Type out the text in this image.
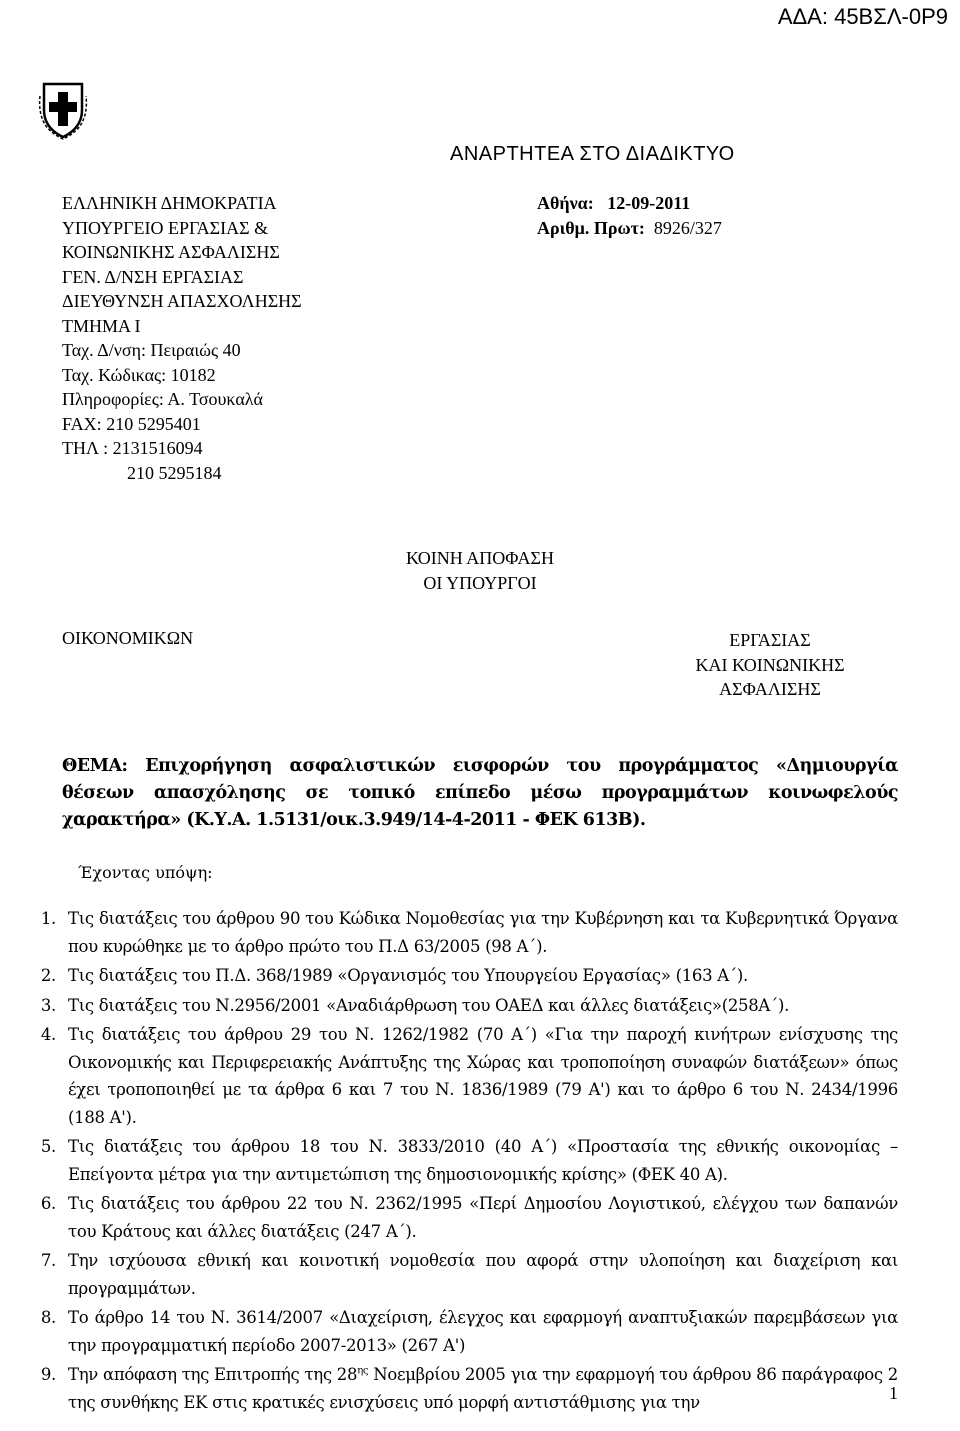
ΑΔΑ: 45ΒΣΛ-0Ρ9
ΑΝΑΡΤΗΤΕΑ ΣΤΟ ΔΙΑΔΙΚΤΥΟ
ΕΛΛΗΝΙΚΗ ΔΗΜΟΚΡΑΤΙΑ
ΥΠΟΥΡΓΕΙΟ ΕΡΓΑΣΙΑΣ &
ΚΟΙΝΩΝΙΚΗΣ ΑΣΦΑΛΙΣΗΣ
ΓΕΝ. Δ/ΝΣΗ ΕΡΓΑΣΙΑΣ
ΔΙΕΥΘΥΝΣΗ ΑΠΑΣΧΟΛΗΣΗΣ
ΤΜΗΜΑ Ι
Ταχ. Δ/νση: Πειραιώς 40
Ταχ. Κώδικας: 10182
Πληροφορίες: Α. Τσουκαλά
FAX: 210 5295401
ΤΗΛ : 2131516094
210 5295184
Αθήνα: 12-09-2011
Αριθμ. Πρωτ: 8926/327
ΚΟΙΝΗ ΑΠΟΦΑΣΗ
ΟΙ ΥΠΟΥΡΓΟΙ
ΟΙΚΟΝΟΜΙΚΩΝ	ΕΡΓΑΣΙΑΣ
ΚΑΙ ΚΟΙΝΩΝΙΚΗΣ
ΑΣΦΑΛΙΣΗΣ
ΘΕΜΑ: Επιχορήγηση ασφαλιστικών εισφορών του προγράμματος «Δημιουργία θέσεων απασχόλησης σε τοπικό επίπεδο μέσω προγραμμάτων κοινωφελούς χαρακτήρα» (Κ.Υ.Α. 1.5131/οικ.3.949/14-4-2011 - ΦΕΚ 613Β).
Έχοντας υπόψη:
1. Τις διατάξεις του άρθρου 90 του Κώδικα Νομοθεσίας για την Κυβέρνηση και τα Κυβερνητικά Όργανα που κυρώθηκε με το άρθρο πρώτο του Π.Δ 63/2005 (98 Α΄).
2. Τις διατάξεις του Π.Δ. 368/1989 «Οργανισμός του Υπουργείου Εργασίας» (163 Α΄).
3. Τις διατάξεις του Ν.2956/2001 «Αναδιάρθρωση του ΟΑΕΔ και άλλες διατάξεις»(258Α΄).
4. Τις διατάξεις του άρθρου 29 του Ν. 1262/1982 (70 Α΄) «Για την παροχή κινήτρων ενίσχυσης της Οικονομικής και Περιφερειακής Ανάπτυξης της Χώρας και τροποποίηση συναφών διατάξεων» όπως έχει τροποποιηθεί με τα άρθρα 6 και 7 του Ν. 1836/1989 (79 Α') και το άρθρο 6 του Ν. 2434/1996 (188 Α').
5. Τις διατάξεις του άρθρου 18 του Ν. 3833/2010 (40 Α΄) «Προστασία της εθνικής οικονομίας – Επείγοντα μέτρα για την αντιμετώπιση της δημοσιονομικής κρίσης» (ΦΕΚ 40 Α).
6. Τις διατάξεις του άρθρου 22 του Ν. 2362/1995 «Περί Δημοσίου Λογιστικού, ελέγχου των δαπανών του Κράτους και άλλες διατάξεις (247 Α΄).
7. Την ισχύουσα εθνική και κοινοτική νομοθεσία που αφορά στην υλοποίηση και διαχείριση και προγραμμάτων.
8. Το άρθρο 14 του Ν. 3614/2007 «Διαχείριση, έλεγχος και εφαρμογή αναπτυξιακών παρεμβάσεων για την προγραμματική περίοδο 2007-2013» (267 Α')
9. Την απόφαση της Επιτροπής της $28^{\eta\varsigma}$ Νοεμβρίου 2005 για την εφαρμογή του άρθρου 86 παράγραφος 2 της συνθήκης ΕΚ στις κρατικές ενισχύσεις υπό μορφή αντιστάθμισης για την	1
